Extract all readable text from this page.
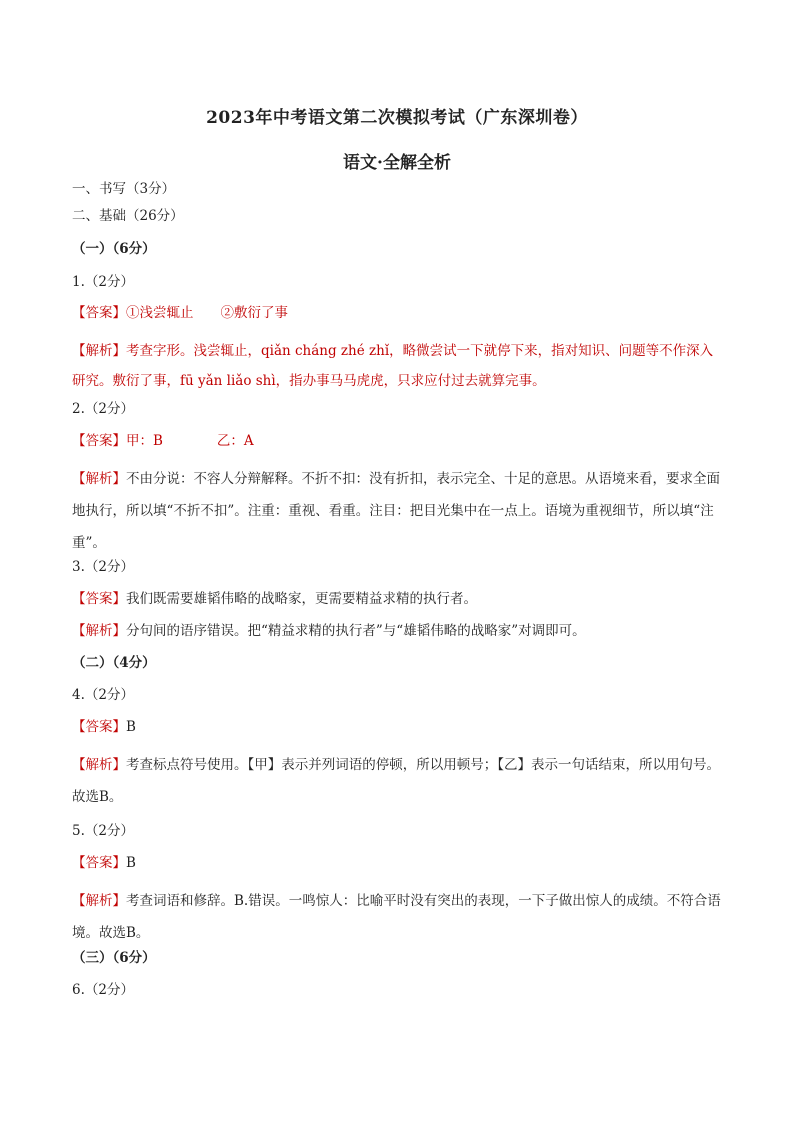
2023年中考语文第二次模拟考试（广东深圳卷）
语文·全解全析

一、书写（3分）

二、基础（26分）

（一）（6分）

1.（2分）

【答案】①浅尝辄止　　②敷衍了事

【解析】考查字形。浅尝辄止，qiǎn cháng zhé zhǐ，略微尝试一下就停下来，指对知识、问题等不作深入研究。敷衍了事，fū yǎn liǎo shì，指办事马马虎虎，只求应付过去就算完事。

2.（2分）

【答案】甲：B　　　　乙：A

【解析】不由分说：不容人分辩解释。不折不扣：没有折扣，表示完全、十足的意思。从语境来看，要求全面地执行，所以填“不折不扣”。注重：重视、看重。注目：把目光集中在一点上。语境为重视细节，所以填“注重”。

3.（2分）

【答案】我们既需要雄韬伟略的战略家，更需要精益求精的执行者。

【解析】分句间的语序错误。把“精益求精的执行者”与“雄韬伟略的战略家”对调即可。

（二）（4分）

4.（2分）

【答案】B

【解析】考查标点符号使用。【甲】表示并列词语的停顿，所以用顿号；【乙】表示一句话结束，所以用句号。故选B。

5.（2分）

【答案】B

【解析】考查词语和修辞。B.错误。一鸣惊人：比喻平时没有突出的表现，一下子做出惊人的成绩。不符合语境。故选B。

（三）（6分）

6.（2分）
